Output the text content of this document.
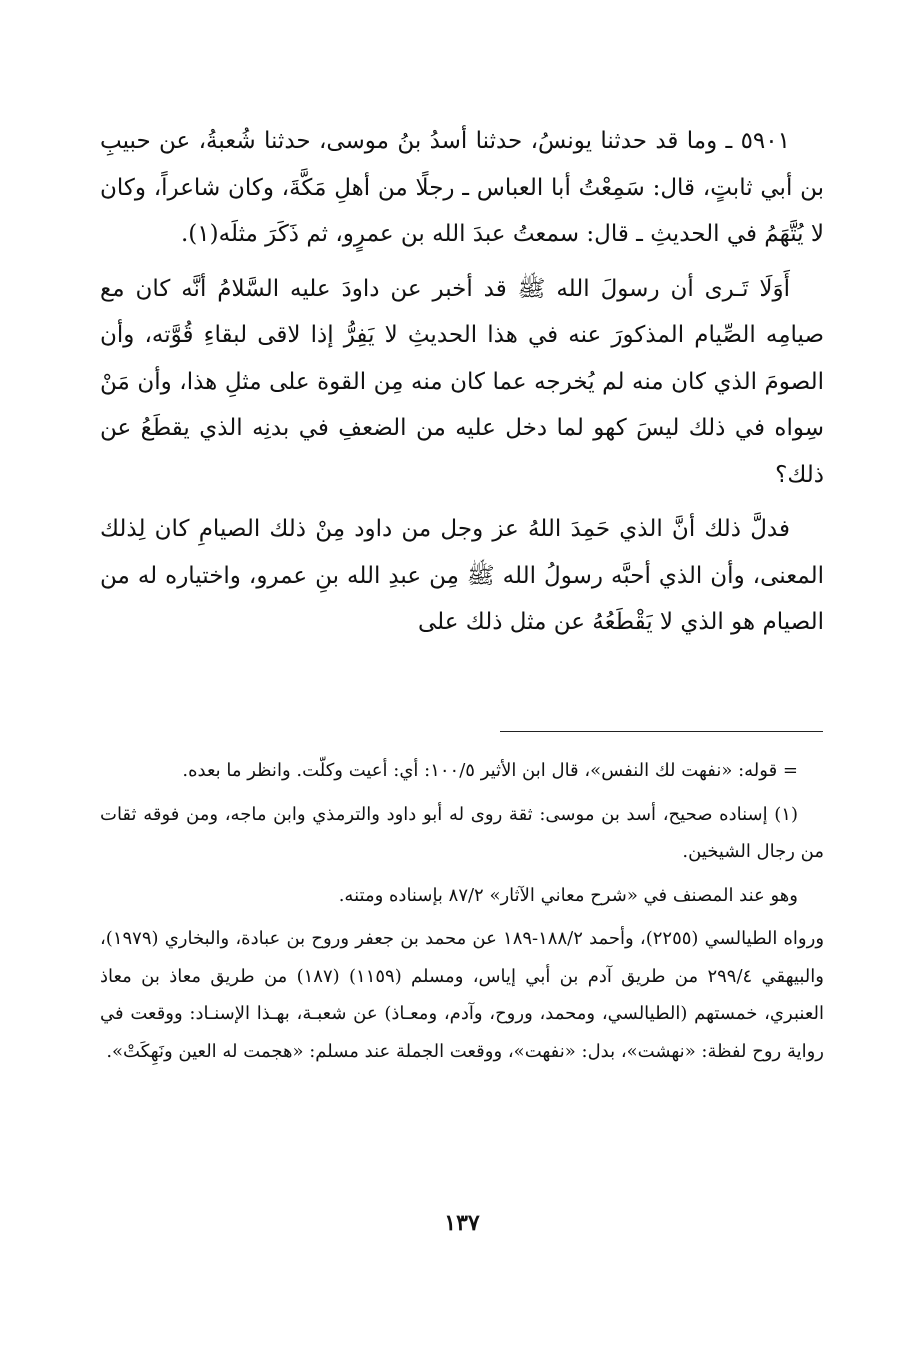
٥٩٠١ ـ وما قد حدثنا يونسُ، حدثنا أسدُ بنُ موسى، حدثنا شُعبةُ، عن حبيبِ بن أبي ثابتٍ، قال: سَمِعْتُ أبا العباس ـ رجلًا من أهلِ مَكَّةَ، وكان شاعراً، وكان لا يُتَّهَمُ في الحديثِ ـ قال: سمعتُ عبدَ الله بن عمرٍو، ثم ذَكَرَ مثلَه(١).

أَوَلَا تَـرى أن رسولَ الله ﷺ قد أخبر عن داودَ عليه السَّلامُ أنَّه كان مع صيامِه الصِّيام المذكورَ عنه في هذا الحديثِ لا يَفِرُّ إذا لاقى لبقاءِ قُوَّته، وأن الصومَ الذي كان منه لم يُخرجه عما كان منه مِن القوة على مثلِ هذا، وأن مَنْ سِواه في ذلك ليسَ كهو لما دخل عليه من الضعفِ في بدنِه الذي يقطَعُ عن ذلك؟

فدلَّ ذلك أنَّ الذي حَمِدَ اللهُ عز وجل من داود مِنْ ذلك الصيامِ كان لِذلك المعنى، وأن الذي أحبَّه رسولُ الله ﷺ مِن عبدِ الله بنِ عمرو، واختياره له من الصيام هو الذي لا يَقْطَعُهُ عن مثل ذلك على

= قوله: «نفهت لك النفس»، قال ابن الأثير ١٠٠/٥: أي: أعيت وكلّت. وانظر ما بعده.

(١) إسناده صحيح، أسد بن موسى: ثقة روى له أبو داود والترمذي وابن ماجه، ومن فوقه ثقات من رجال الشيخين.

وهو عند المصنف في «شرح معاني الآثار» ٨٧/٢ بإسناده ومتنه.

ورواه الطيالسي (٢٢٥٥)، وأحمد ١٨٨/٢-١٨٩ عن محمد بن جعفر وروح بن عبادة، والبخاري (١٩٧٩)، والبيهقي ٢٩٩/٤ من طريق آدم بن أبي إياس، ومسلم (١١٥٩) (١٨٧) من طريق معاذ بن معاذ العنبري، خمستهم (الطيالسي، ومحمد، وروح، وآدم، ومعـاذ) عن شعبـة، بهـذا الإسنـاد: ووقعت في رواية روح لفظة: «نهشت»، بدل: «نفهت»، ووقعت الجملة عند مسلم: «هجمت له العين ونَهِكَتْ».

١٣٧
